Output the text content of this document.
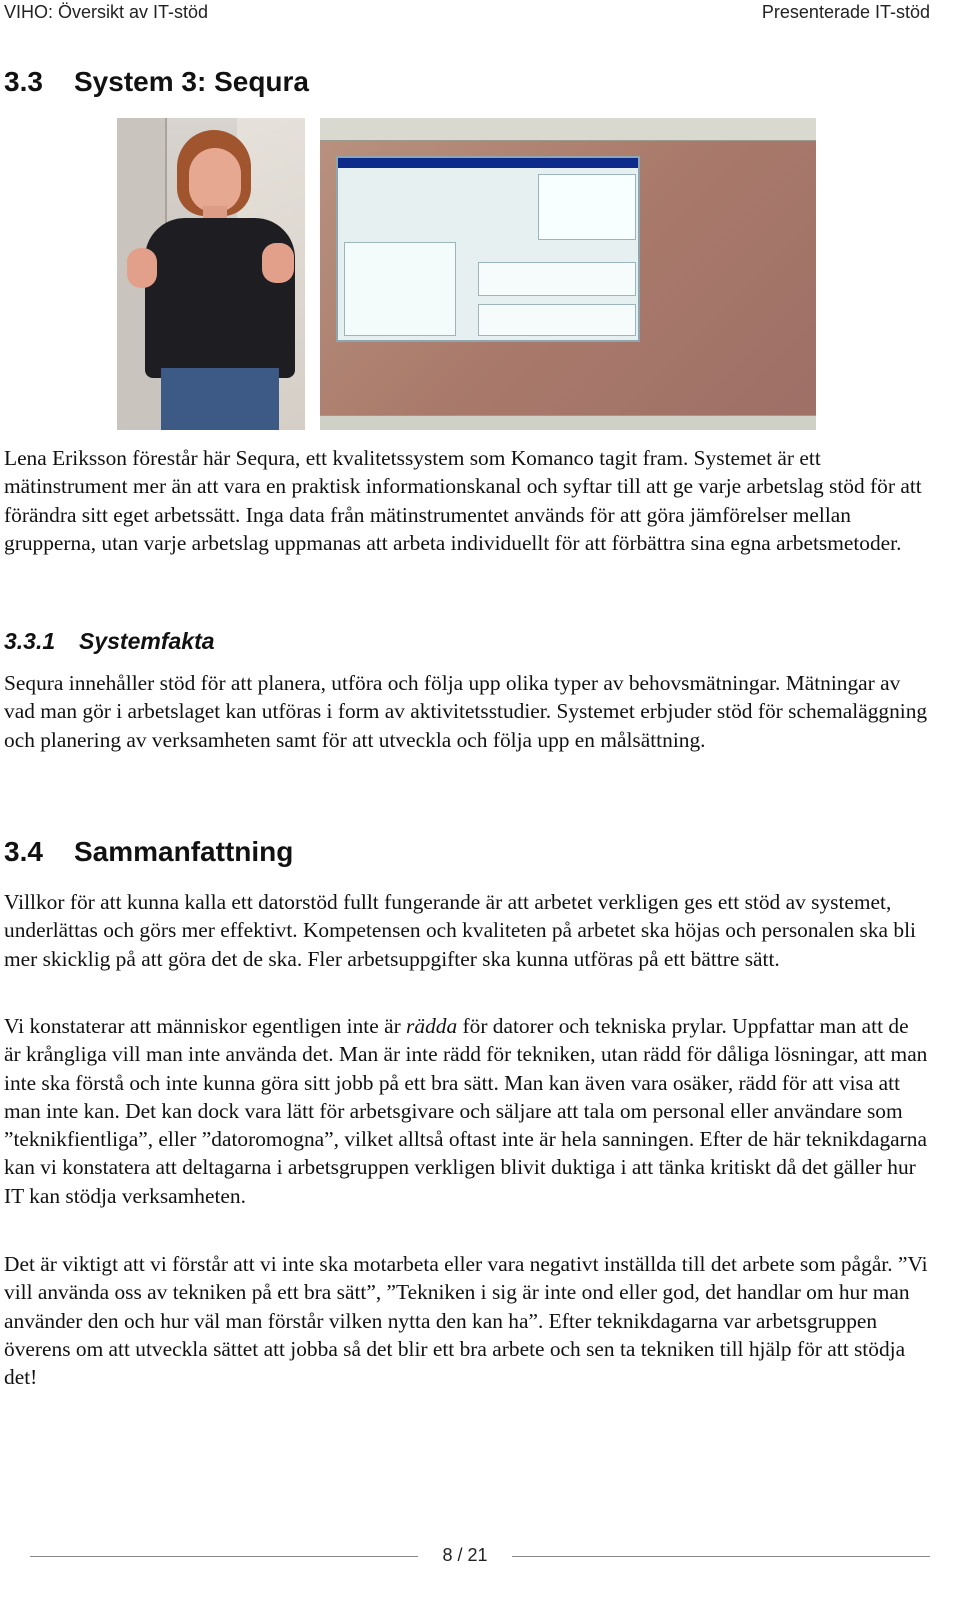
VIHO: Översikt av IT-stöd	Presenterade IT-stöd
3.3 System 3: Sequra

Lena Eriksson förestår här Sequra, ett kvalitetssystem som Komanco tagit fram. Systemet är ett mätinstrument mer än att vara en praktisk informationskanal och syftar till att ge varje arbetslag stöd för att förändra sitt eget arbetssätt. Inga data från mätinstrumentet används för att göra jämförelser mellan grupperna, utan varje arbetslag uppmanas att arbeta individuellt för att förbättra sina egna arbetsmetoder.

3.3.1 Systemfakta

Sequra innehåller stöd för att planera, utföra och följa upp olika typer av behovsmätningar. Mätningar av vad man gör i arbetslaget kan utföras i form av aktivitetsstudier. Systemet erbjuder stöd för schemaläggning och planering av verksamheten samt för att utveckla och följa upp en målsättning.

3.4 Sammanfattning

Villkor för att kunna kalla ett datorstöd fullt fungerande är att arbetet verkligen ges ett stöd av systemet, underlättas och görs mer effektivt. Kompetensen och kvaliteten på arbetet ska höjas och personalen ska bli mer skicklig på att göra det de ska. Fler arbetsuppgifter ska kunna utföras på ett bättre sätt.

Vi konstaterar att människor egentligen inte är rädda för datorer och tekniska prylar. Uppfattar man att de är krångliga vill man inte använda det. Man är inte rädd för tekniken, utan rädd för dåliga lösningar, att man inte ska förstå och inte kunna göra sitt jobb på ett bra sätt. Man kan även vara osäker, rädd för att visa att man inte kan. Det kan dock vara lätt för arbetsgivare och säljare att tala om personal eller användare som ”teknikfientliga”, eller ”datoromogna”, vilket alltså oftast inte är hela sanningen. Efter de här teknikdagarna kan vi konstatera att deltagarna i arbetsgruppen verkligen blivit duktiga i att tänka kritiskt då det gäller hur IT kan stödja verksamheten.

Det är viktigt att vi förstår att vi inte ska motarbeta eller vara negativt inställda till det arbete som pågår. ”Vi vill använda oss av tekniken på ett bra sätt”, ”Tekniken i sig är inte ond eller god, det handlar om hur man använder den och hur väl man förstår vilken nytta den kan ha”. Efter teknikdagarna var arbetsgruppen överens om att utveckla sättet att jobba så det blir ett bra arbete och sen ta tekniken till hjälp för att stödja det!

8 / 21
